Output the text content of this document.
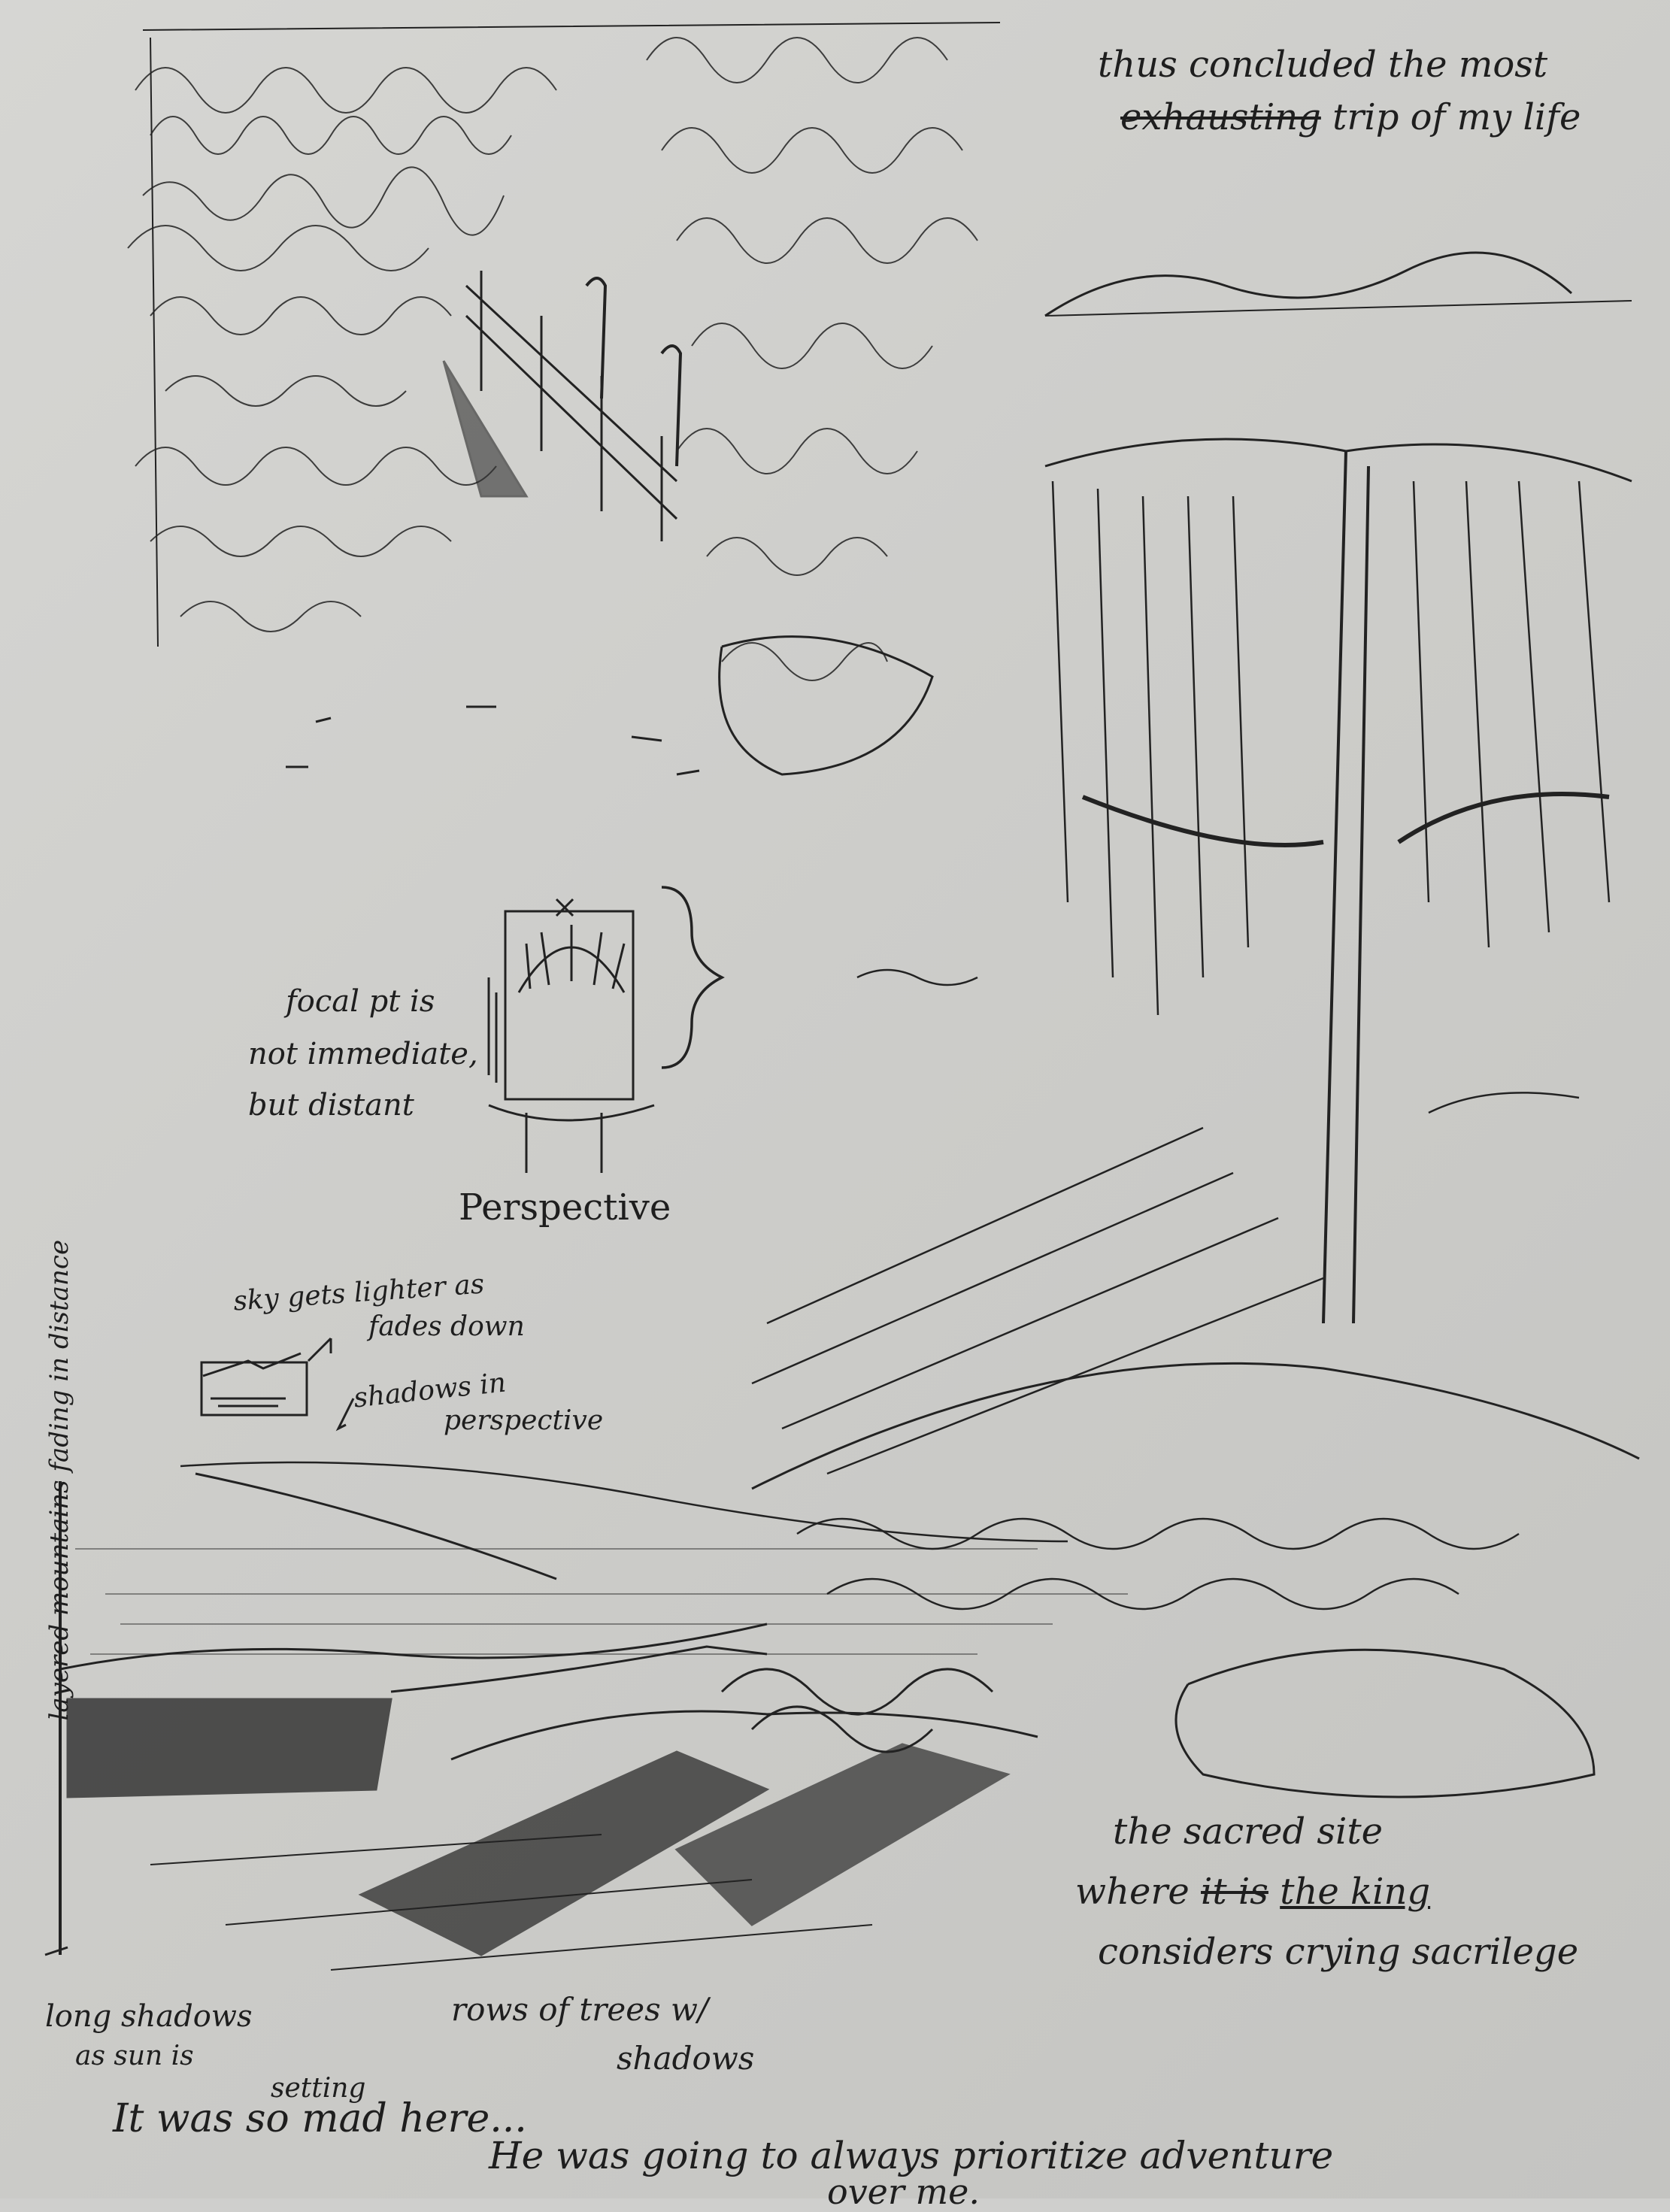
thus concluded the most
exhausting trip of my life
focal pt is
not immediate,
but distant
Perspective
sky gets lighter as
fades down
shadows in
perspective
layered mountains fading in distance
the sacred site
where it is the king
considers crying sacrilege
long shadows
as sun is
setting
rows of trees w/
shadows
It was so mad here...
He was going to always prioritize adventure
over me.
